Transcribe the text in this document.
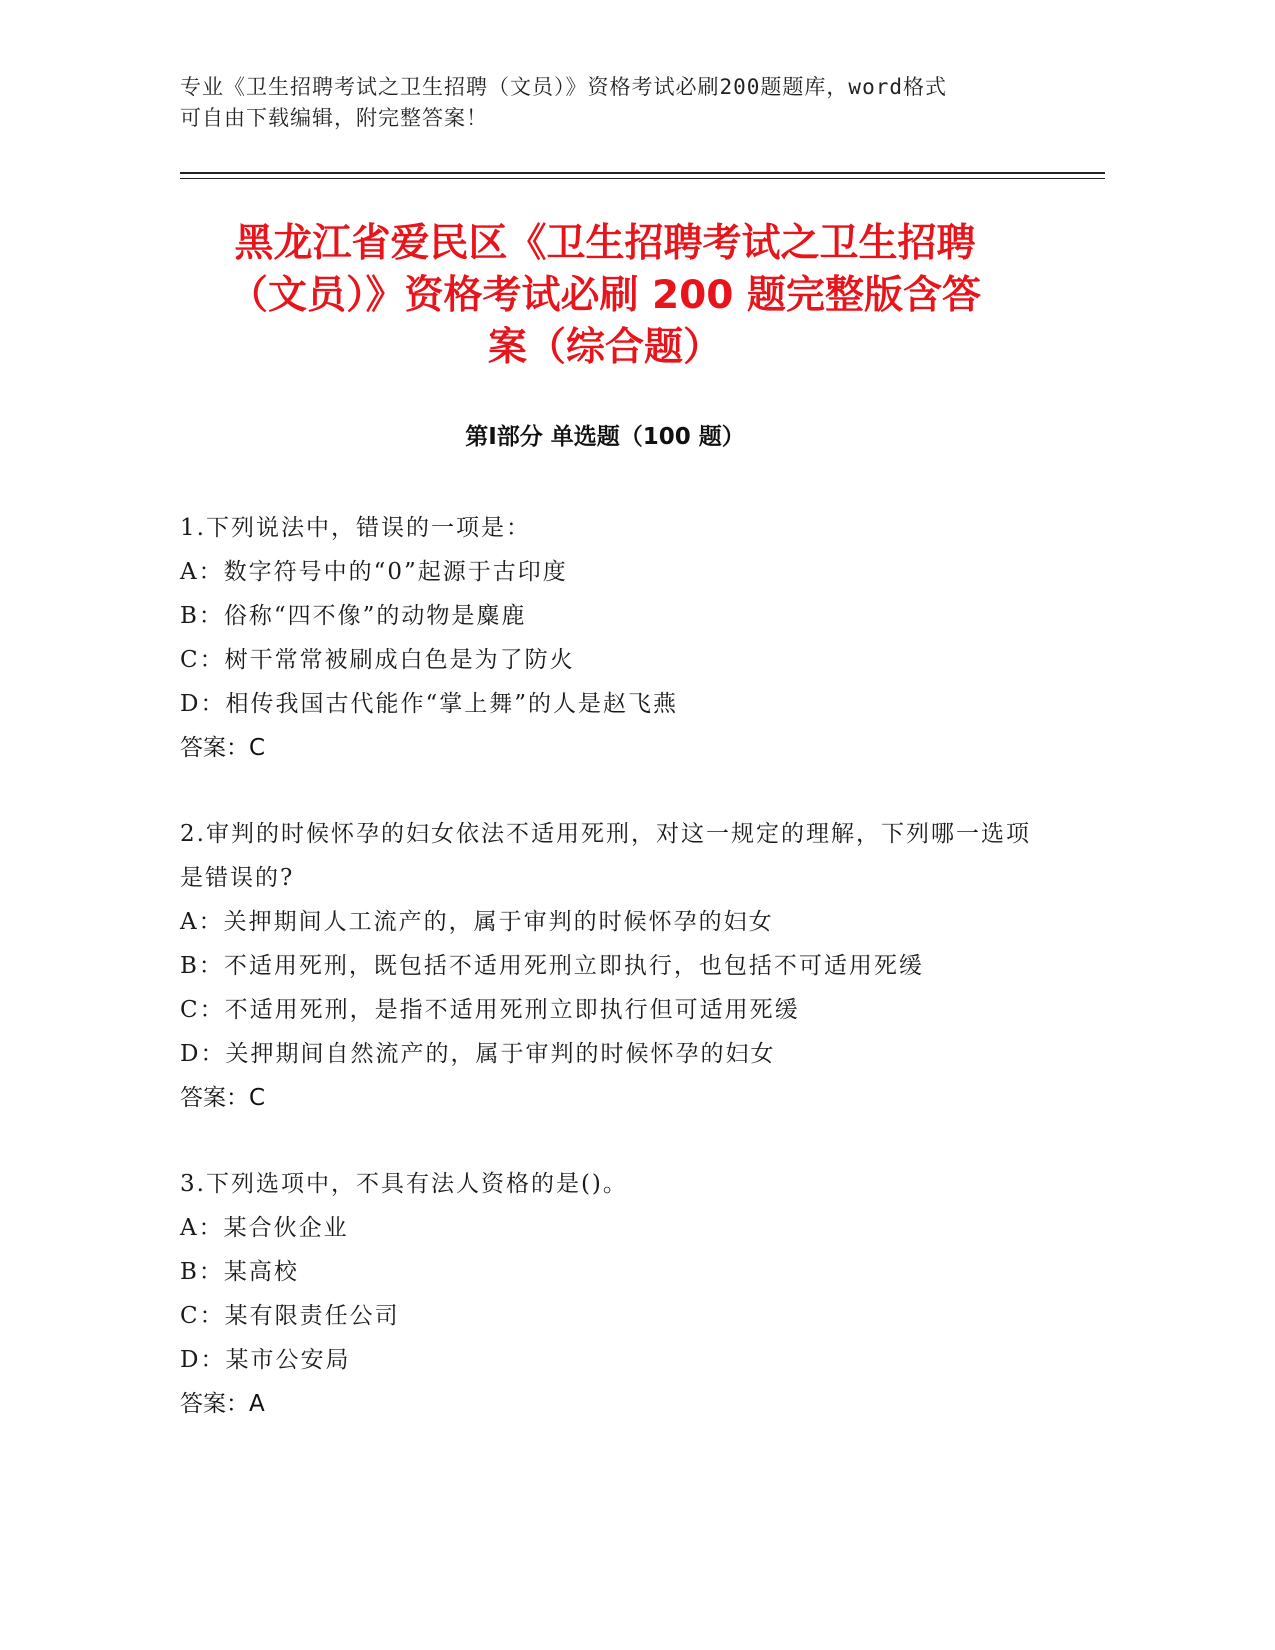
专业《卫生招聘考试之卫生招聘（文员）》资格考试必刷200题题库，word格式
可自由下载编辑，附完整答案！
黑龙江省爱民区《卫生招聘考试之卫生招聘
（文员）》资格考试必刷 200 题完整版含答
案（综合题）
第Ⅰ部分 单选题（100 题）
1.下列说法中，错误的一项是：
A：数字符号中的“0”起源于古印度
B：俗称“四不像”的动物是麋鹿
C：树干常常被刷成白色是为了防火
D：相传我国古代能作“掌上舞”的人是赵飞燕
答案：C
2.审判的时候怀孕的妇女依法不适用死刑，对这一规定的理解，下列哪一选项是错误的?
A：关押期间人工流产的，属于审判的时候怀孕的妇女
B：不适用死刑，既包括不适用死刑立即执行，也包括不可适用死缓
C：不适用死刑，是指不适用死刑立即执行但可适用死缓
D：关押期间自然流产的，属于审判的时候怀孕的妇女
答案：C
3.下列选项中，不具有法人资格的是()。
A：某合伙企业
B：某高校
C：某有限责任公司
D：某市公安局
答案：A
